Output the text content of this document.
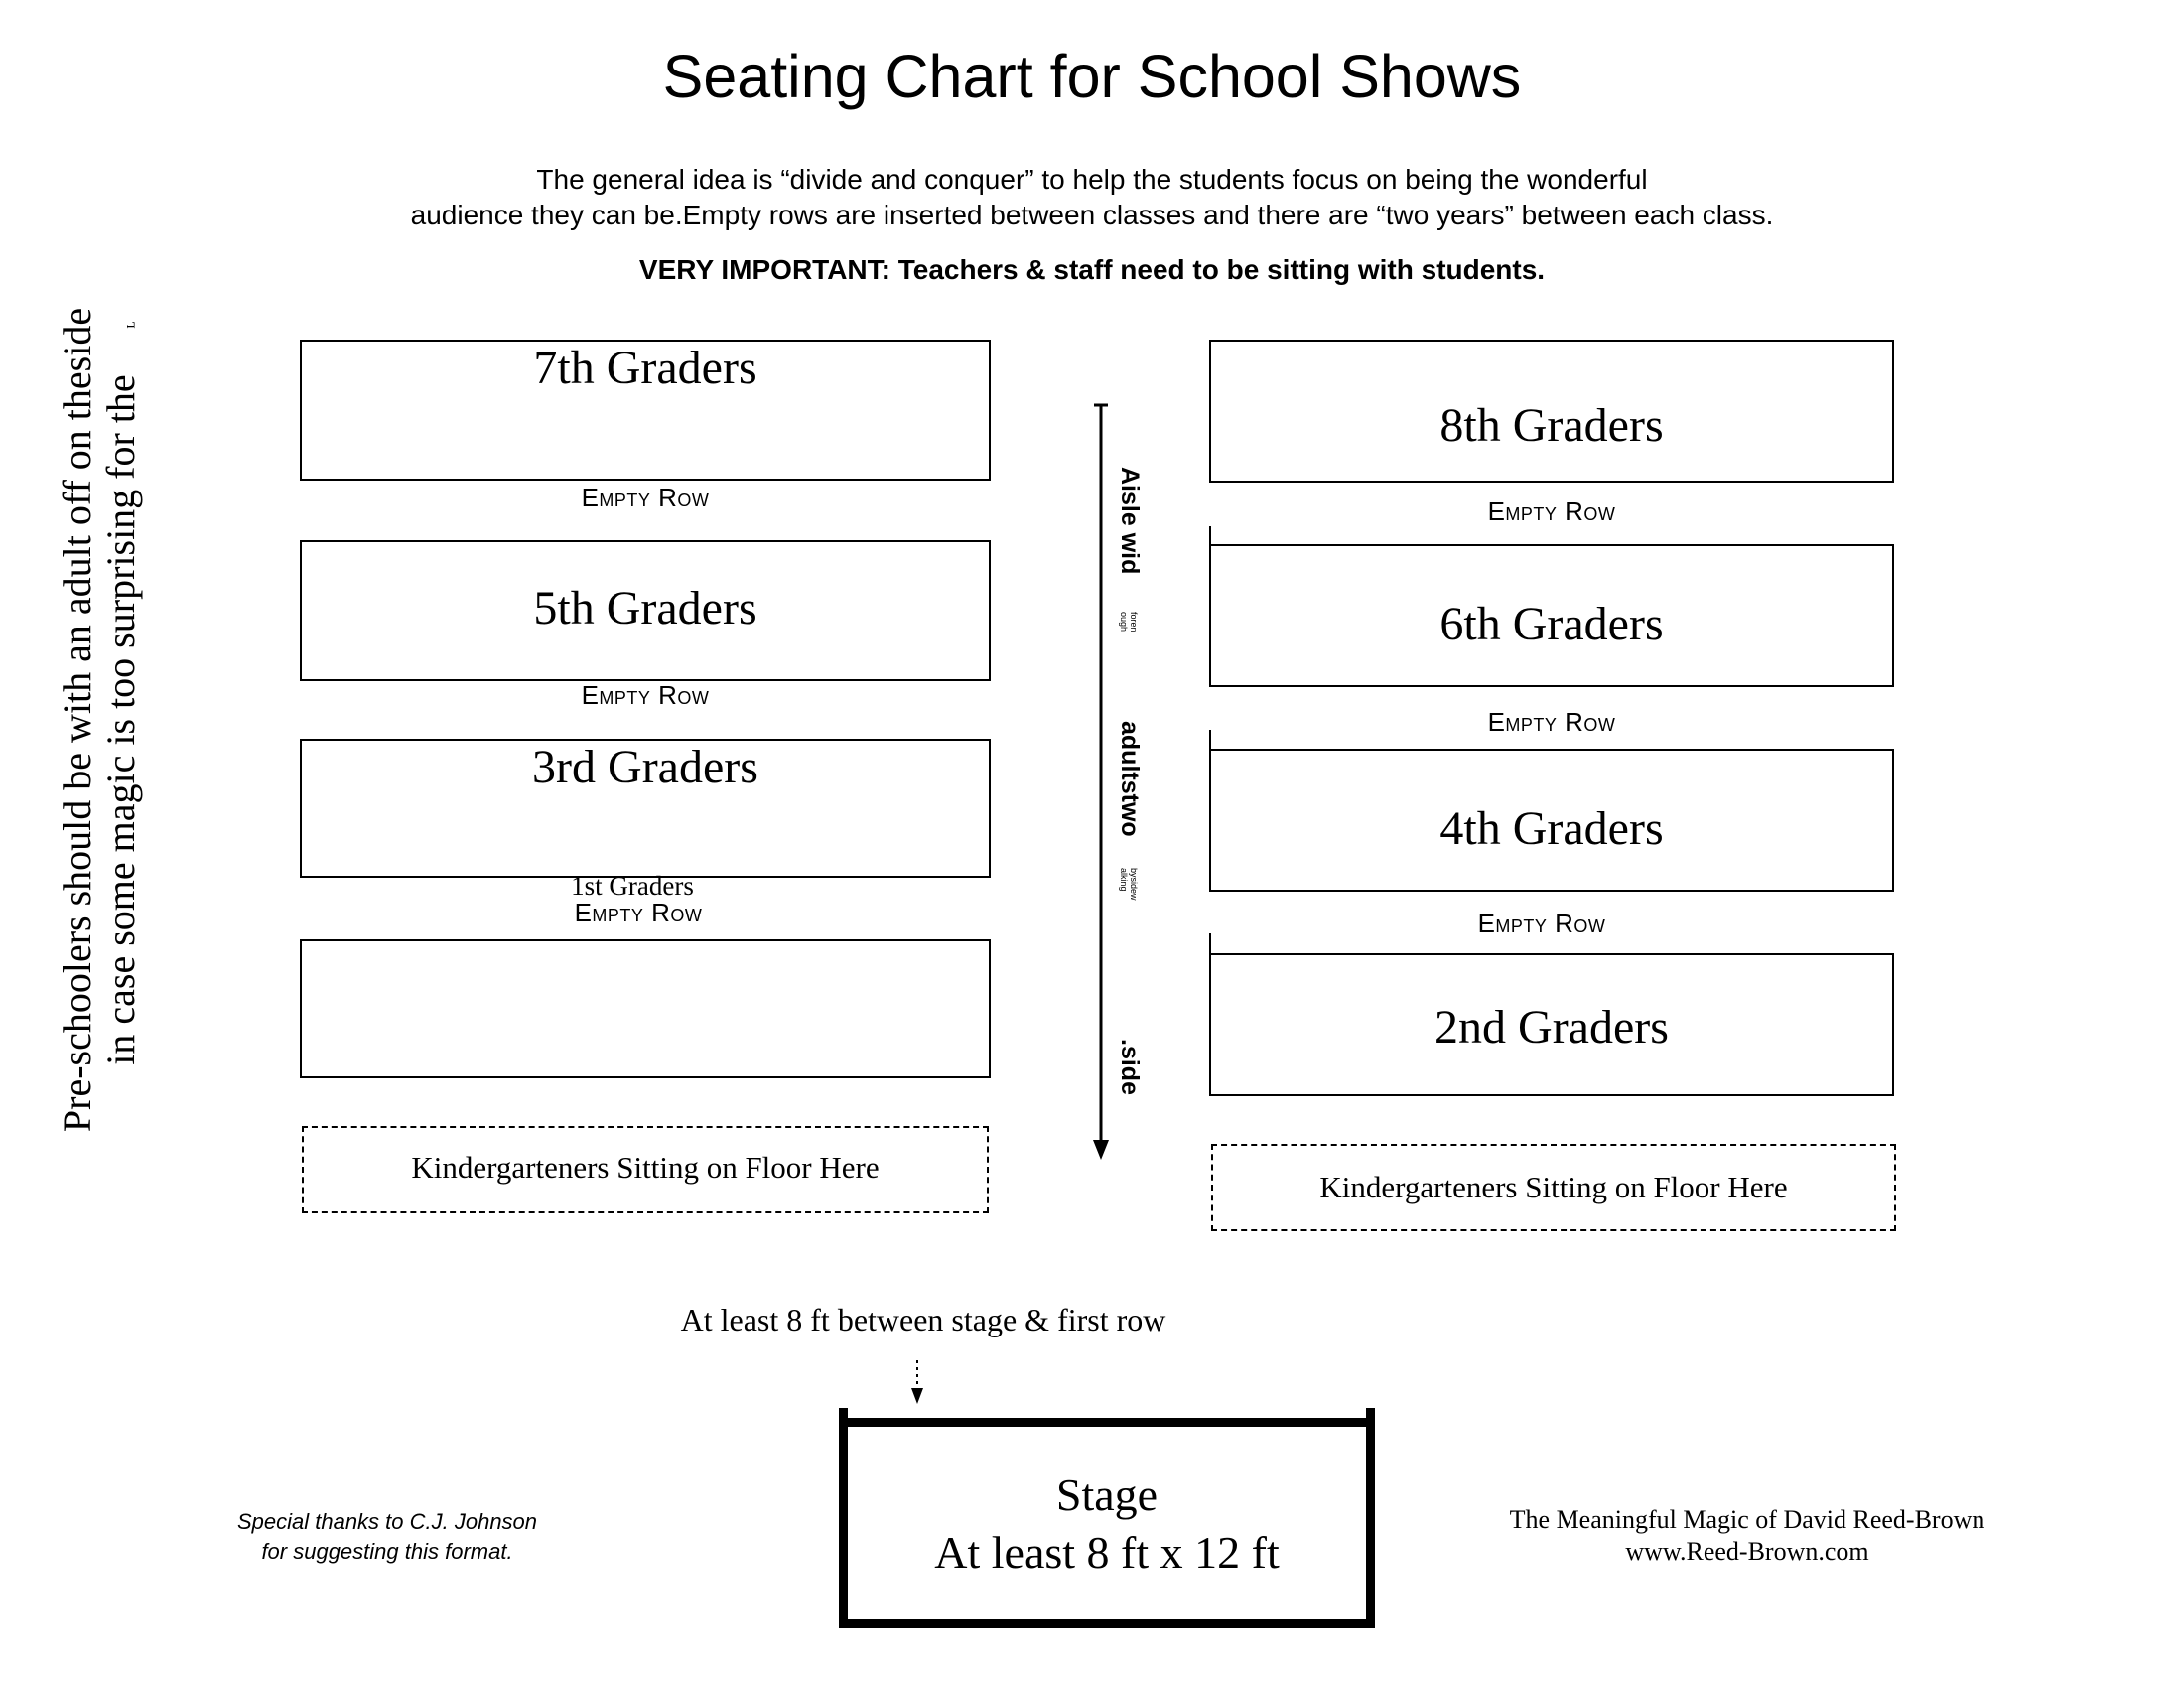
Seating Chart for School Shows
The general idea is “divide and conquer” to help the students focus on being the wonderful
audience they can be.Empty rows are inserted between classes and there are “two years” between each class.
VERY IMPORTANT: Teachers & staff need to be sitting with students.
Pre-schoolers should be with an adult off on theside in case some magic is too surprising for the
ʟ
7th Graders
Empty Row
5th Graders
Empty Row
3rd Graders
1st Graders
Empty Row
Kindergarteners Sitting on Floor Here
8th Graders
Empty Row
6th Graders
Empty Row
4th Graders
Empty Row
2nd Graders
Kindergarteners Sitting on Floor Here
Aisle wid
foren
ough
adultstwo
bysidew
alking
.side
At least 8 ft between stage & first row
Stage
At least 8 ft x 12 ft
Special thanks to C.J. Johnson
for suggesting this format.
The Meaningful Magic of David Reed-Brown
www.Reed-Brown.com
